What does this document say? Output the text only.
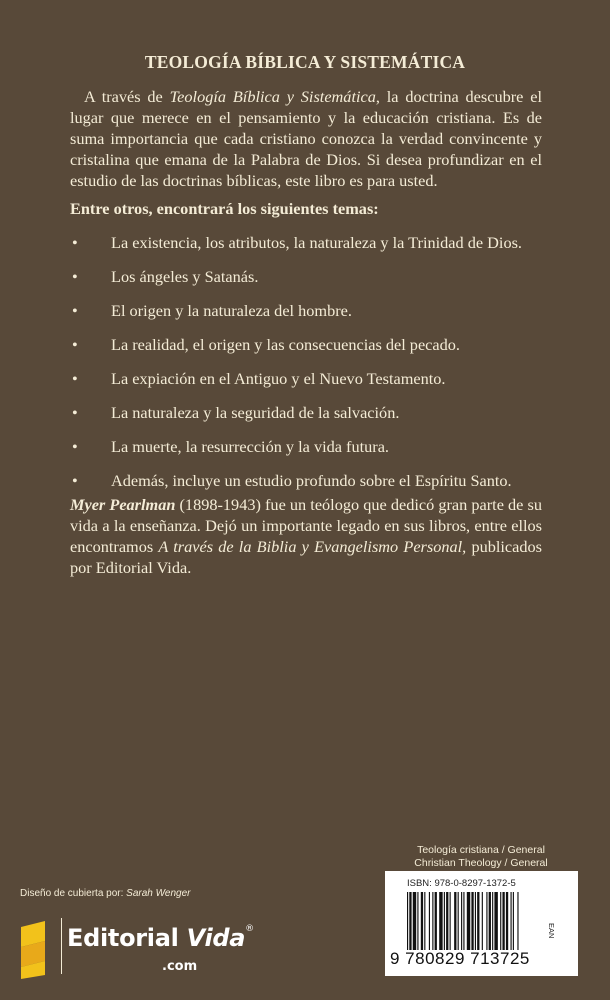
TEOLOGÍA BÍBLICA Y SISTEMÁTICA
A través de Teología Bíblica y Sistemática, la doctrina descubre el lugar que merece en el pensamiento y la educación cristiana. Es de suma importancia que cada cristiano conozca la verdad convincente y cristalina que emana de la Palabra de Dios. Si desea profundizar en el estudio de las doctrinas bíblicas, este libro es para usted.
Entre otros, encontrará los siguientes temas:
• La existencia, los atributos, la naturaleza y la Trinidad de Dios.
• Los ángeles y Satanás.
• El origen y la naturaleza del hombre.
• La realidad, el origen y las consecuencias del pecado.
• La expiación en el Antiguo y el Nuevo Testamento.
• La naturaleza y la seguridad de la salvación.
• La muerte, la resurrección y la vida futura.
• Además, incluye un estudio profundo sobre el Espíritu Santo.
Myer Pearlman (1898-1943) fue un teólogo que dedicó gran parte de su vida a la enseñanza. Dejó un importante legado en sus libros, entre ellos encontramos A través de la Biblia y Evangelismo Personal, publicados por Editorial Vida.
Teología cristiana / General
Christian Theology / General
Diseño de cubierta por: Sarah Wenger
ISBN: 978-0-8297-1372-5
9 780829 713725
EAN
Editorial Vida®
.com
